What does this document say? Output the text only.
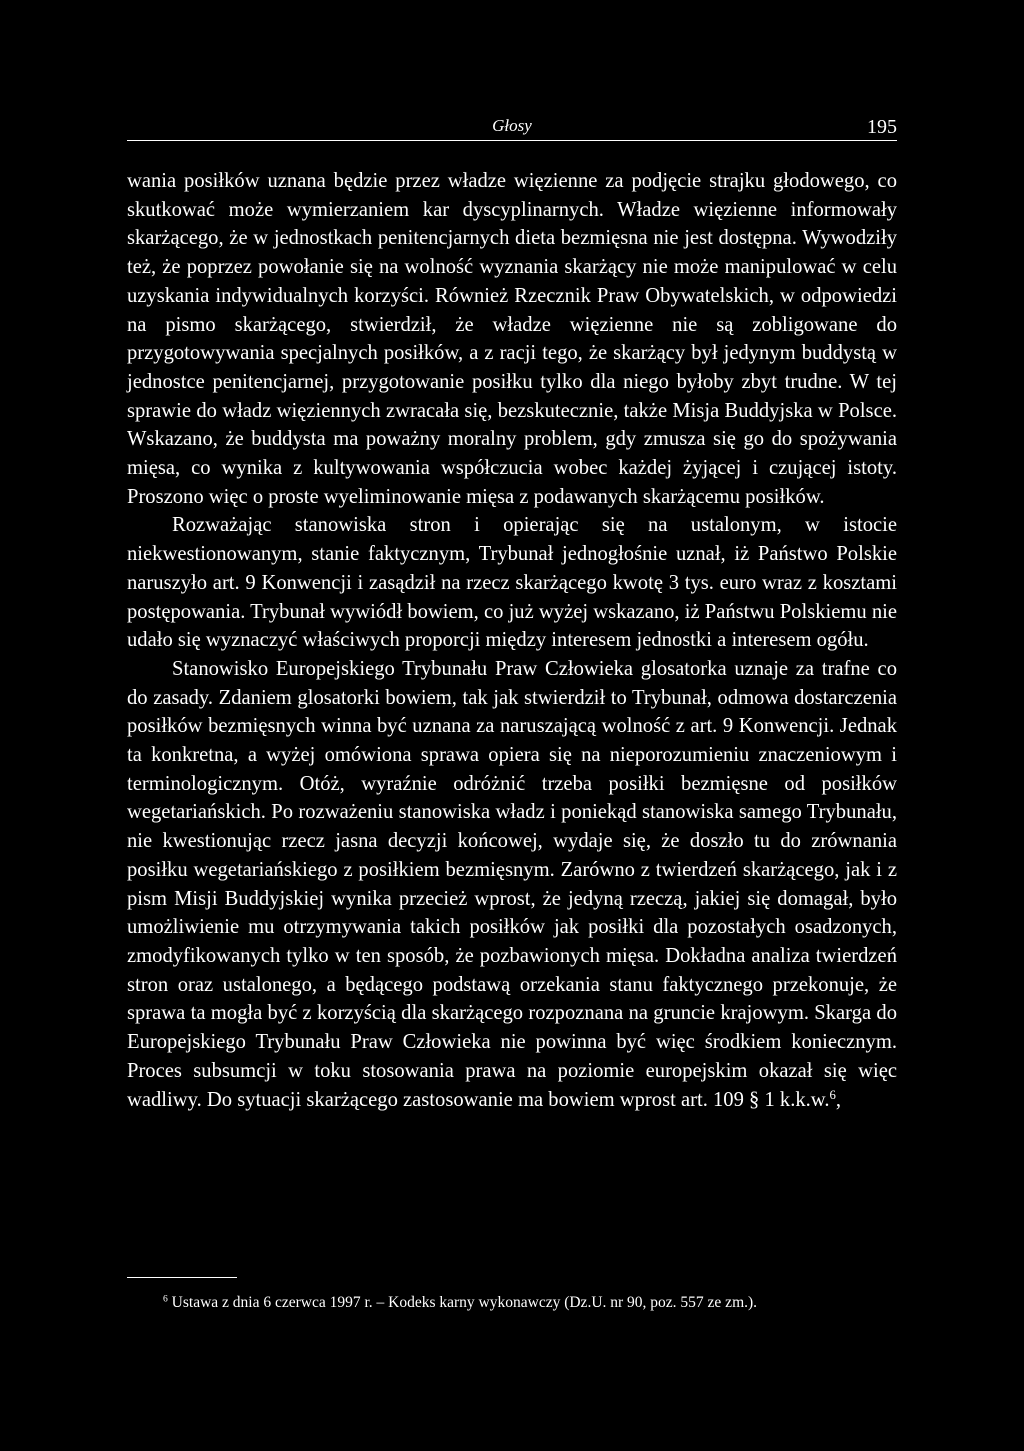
Głosy	195

wania posiłków uznana będzie przez władze więzienne za podjęcie strajku głodowego, co skutkować może wymierzaniem kar dyscyplinarnych. Władze więzienne informowały skarżącego, że w jednostkach penitencjarnych dieta bezmięsna nie jest dostępna. Wywodziły też, że poprzez powołanie się na wolność wyznania skarżący nie może manipulować w celu uzyskania indywidualnych korzyści. Również Rzecznik Praw Obywatelskich, w odpowiedzi na pismo skarżącego, stwierdził, że władze więzienne nie są zobligowane do przygotowywania specjalnych posiłków, a z racji tego, że skarżący był jedynym buddystą w jednostce penitencjarnej, przygotowanie posiłku tylko dla niego byłoby zbyt trudne. W tej sprawie do władz więziennych zwracała się, bezskutecznie, także Misja Buddyjska w Polsce. Wskazano, że buddysta ma poważny moralny problem, gdy zmusza się go do spożywania mięsa, co wynika z kultywowania współczucia wobec każdej żyjącej i czującej istoty. Proszono więc o proste wyeliminowanie mięsa z podawanych skarżącemu posiłków.

Rozważając stanowiska stron i opierając się na ustalonym, w istocie niekwestionowanym, stanie faktycznym, Trybunał jednogłośnie uznał, iż Państwo Polskie naruszyło art. 9 Konwencji i zasądził na rzecz skarżącego kwotę 3 tys. euro wraz z kosztami postępowania. Trybunał wywiódł bowiem, co już wyżej wskazano, iż Państwu Polskiemu nie udało się wyznaczyć właściwych proporcji między interesem jednostki a interesem ogółu.

Stanowisko Europejskiego Trybunału Praw Człowieka glosatorka uznaje za trafne co do zasady. Zdaniem glosatorki bowiem, tak jak stwierdził to Trybunał, odmowa dostarczenia posiłków bezmięsnych winna być uznana za naruszającą wolność z art. 9 Konwencji. Jednak ta konkretna, a wyżej omówiona sprawa opiera się na nieporozumieniu znaczeniowym i terminologicznym. Otóż, wyraźnie odróżnić trzeba posiłki bezmięsne od posiłków wegetariańskich. Po rozważeniu stanowiska władz i poniekąd stanowiska samego Trybunału, nie kwestionując rzecz jasna decyzji końcowej, wydaje się, że doszło tu do zrównania posiłku wegetariańskiego z posiłkiem bezmięsnym. Zarówno z twierdzeń skarżącego, jak i z pism Misji Buddyjskiej wynika przecież wprost, że jedyną rzeczą, jakiej się domagał, było umożliwienie mu otrzymywania takich posiłków jak posiłki dla pozostałych osadzonych, zmodyfikowanych tylko w ten sposób, że pozbawionych mięsa. Dokładna analiza twierdzeń stron oraz ustalonego, a będącego podstawą orzekania stanu faktycznego przekonuje, że sprawa ta mogła być z korzyścią dla skarżącego rozpoznana na gruncie krajowym. Skarga do Europejskiego Trybunału Praw Człowieka nie powinna być więc środkiem koniecznym. Proces subsumcji w toku stosowania prawa na poziomie europejskim okazał się więc wadliwy. Do sytuacji skarżącego zastosowanie ma bowiem wprost art. 109 § 1 k.k.w.$^6$,

$^6$ Ustawa z dnia 6 czerwca 1997 r. – Kodeks karny wykonawczy (Dz.U. nr 90, poz. 557 ze zm.).
